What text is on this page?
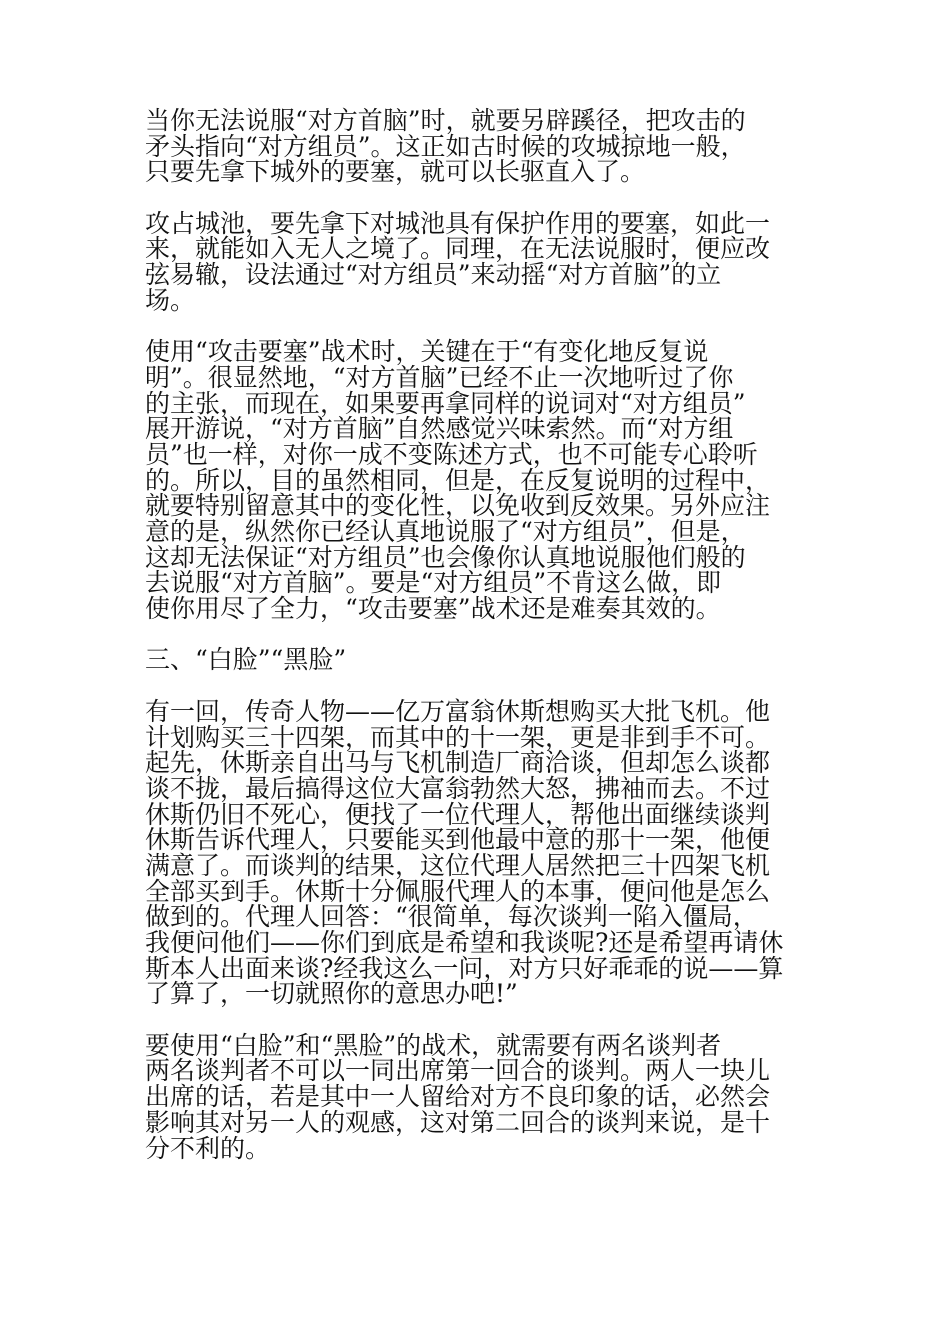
当你无法说服“对方首脑”时，就要另辟蹊径，把攻击的
矛头指向“对方组员”。这正如古时候的攻城掠地一般，
只要先拿下城外的要塞，就可以长驱直入了。
攻占城池，要先拿下对城池具有保护作用的要塞，如此一
来，就能如入无人之境了。同理，在无法说服时，便应改
弦易辙，设法通过“对方组员”来动摇“对方首脑”的立
场。
使用“攻击要塞”战术时，关键在于“有变化地反复说
明”。很显然地，“对方首脑”已经不止一次地听过了你
的主张，而现在，如果要再拿同样的说词对“对方组员”
展开游说，“对方首脑”自然感觉兴味索然。而“对方组
员”也一样，对你一成不变陈述方式，也不可能专心聆听
的。所以，目的虽然相同，但是，在反复说明的过程中，
就要特别留意其中的变化性，以免收到反效果。另外应注
意的是，纵然你已经认真地说服了“对方组员”，但是，
这却无法保证“对方组员”也会像你认真地说服他们般的
去说服“对方首脑”。要是“对方组员”不肯这么做，即
使你用尽了全力，“攻击要塞”战术还是难奏其效的。
三、“白脸”“黑脸”
有一回，传奇人物——亿万富翁休斯想购买大批飞机。他
计划购买三十四架，而其中的十一架，更是非到手不可。
起先，休斯亲自出马与飞机制造厂商洽谈，但却怎么谈都
谈不拢，最后搞得这位大富翁勃然大怒，拂袖而去。不过
休斯仍旧不死心，便找了一位代理人，帮他出面继续谈判
休斯告诉代理人，只要能买到他最中意的那十一架，他便
满意了。而谈判的结果，这位代理人居然把三十四架飞机
全部买到手。休斯十分佩服代理人的本事，便问他是怎么
做到的。代理人回答：“很简单，每次谈判一陷入僵局，
我便问他们——你们到底是希望和我谈呢?还是希望再请休
斯本人出面来谈?经我这么一问，对方只好乖乖的说——算
了算了，一切就照你的意思办吧!”
要使用“白脸”和“黑脸”的战术，就需要有两名谈判者
两名谈判者不可以一同出席第一回合的谈判。两人一块儿
出席的话，若是其中一人留给对方不良印象的话，必然会
影响其对另一人的观感，这对第二回合的谈判来说，是十
分不利的。
